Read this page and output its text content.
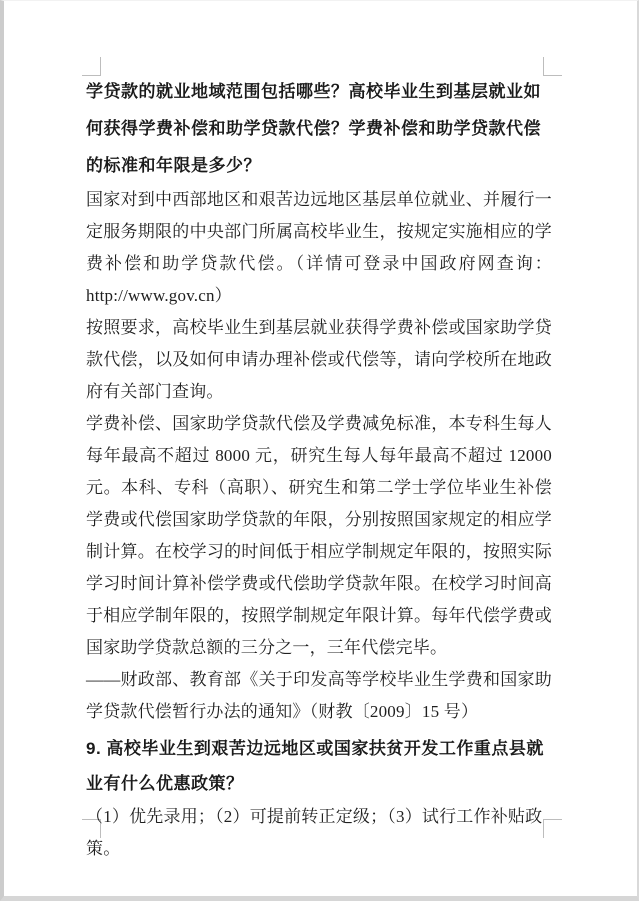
学贷款的就业地域范围包括哪些？高校毕业生到基层就业如何获得学费补偿和助学贷款代偿？学费补偿和助学贷款代偿的标准和年限是多少？

国家对到中西部地区和艰苦边远地区基层单位就业、并履行一定服务期限的中央部门所属高校毕业生，按规定实施相应的学费补偿和助学贷款代偿。（详情可登录中国政府网查询：http://www.gov.cn）

按照要求，高校毕业生到基层就业获得学费补偿或国家助学贷款代偿，以及如何申请办理补偿或代偿等，请向学校所在地政府有关部门查询。

学费补偿、国家助学贷款代偿及学费减免标准，本专科生每人每年最高不超过 8000 元，研究生每人每年最高不超过 12000 元。本科、专科（高职）、研究生和第二学士学位毕业生补偿学费或代偿国家助学贷款的年限，分别按照国家规定的相应学制计算。在校学习的时间低于相应学制规定年限的，按照实际学习时间计算补偿学费或代偿助学贷款年限。在校学习时间高于相应学制年限的，按照学制规定年限计算。每年代偿学费或国家助学贷款总额的三分之一，三年代偿完毕。

——财政部、教育部《关于印发高等学校毕业生学费和国家助学贷款代偿暂行办法的通知》（财教〔2009〕15 号）

9. 高校毕业生到艰苦边远地区或国家扶贫开发工作重点县就业有什么优惠政策？

（1）优先录用；（2）可提前转正定级；（3）试行工作补贴政策。
